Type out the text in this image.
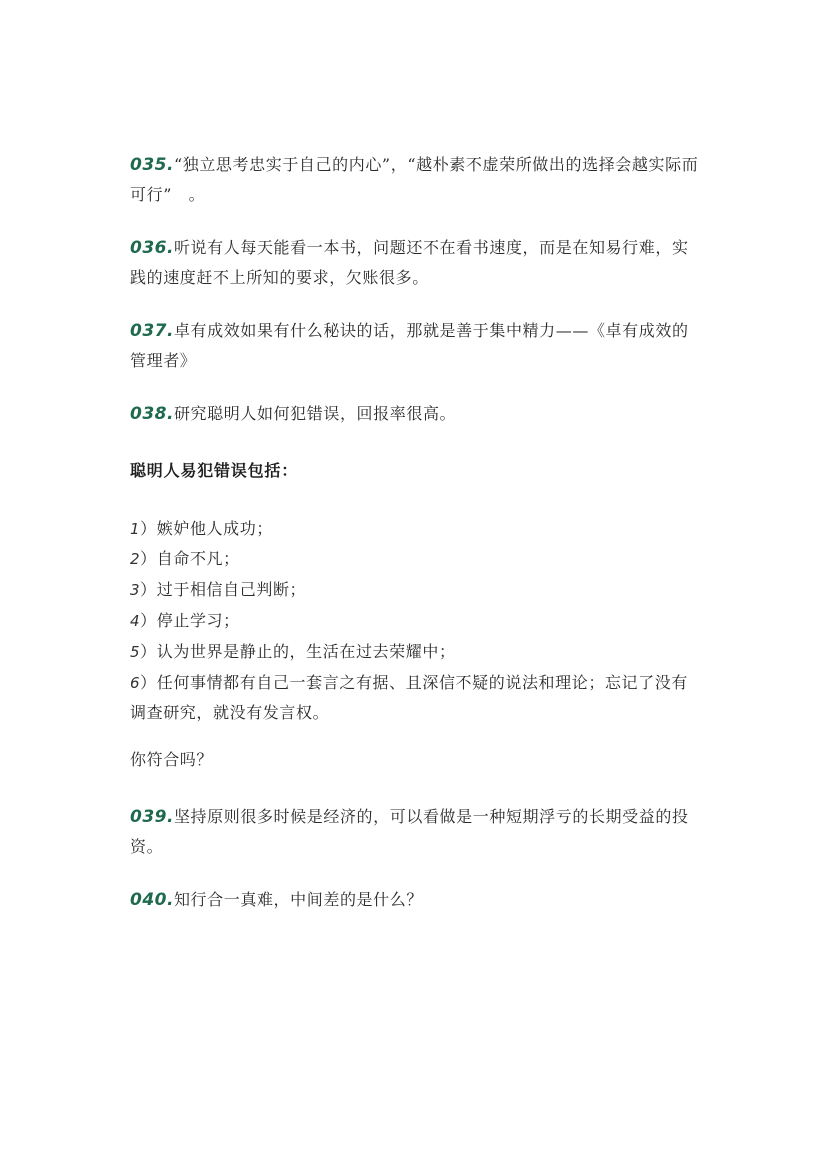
035.“独立思考忠实于自己的内心”，“越朴素不虚荣所做出的选择会越实际而可行”　。
036.听说有人每天能看一本书，问题还不在看书速度，而是在知易行难，实践的速度赶不上所知的要求，欠账很多。
037.卓有成效如果有什么秘诀的话，那就是善于集中精力——《卓有成效的管理者》
038.研究聪明人如何犯错误，回报率很高。
聪明人易犯错误包括：
1）嫉妒他人成功；
2）自命不凡；
3）过于相信自己判断；
4）停止学习；
5）认为世界是静止的，生活在过去荣耀中；
6）任何事情都有自己一套言之有据、且深信不疑的说法和理论；忘记了没有调查研究，就没有发言权。
你符合吗？
039.坚持原则很多时候是经济的，可以看做是一种短期浮亏的长期受益的投资。
040.知行合一真难，中间差的是什么？
